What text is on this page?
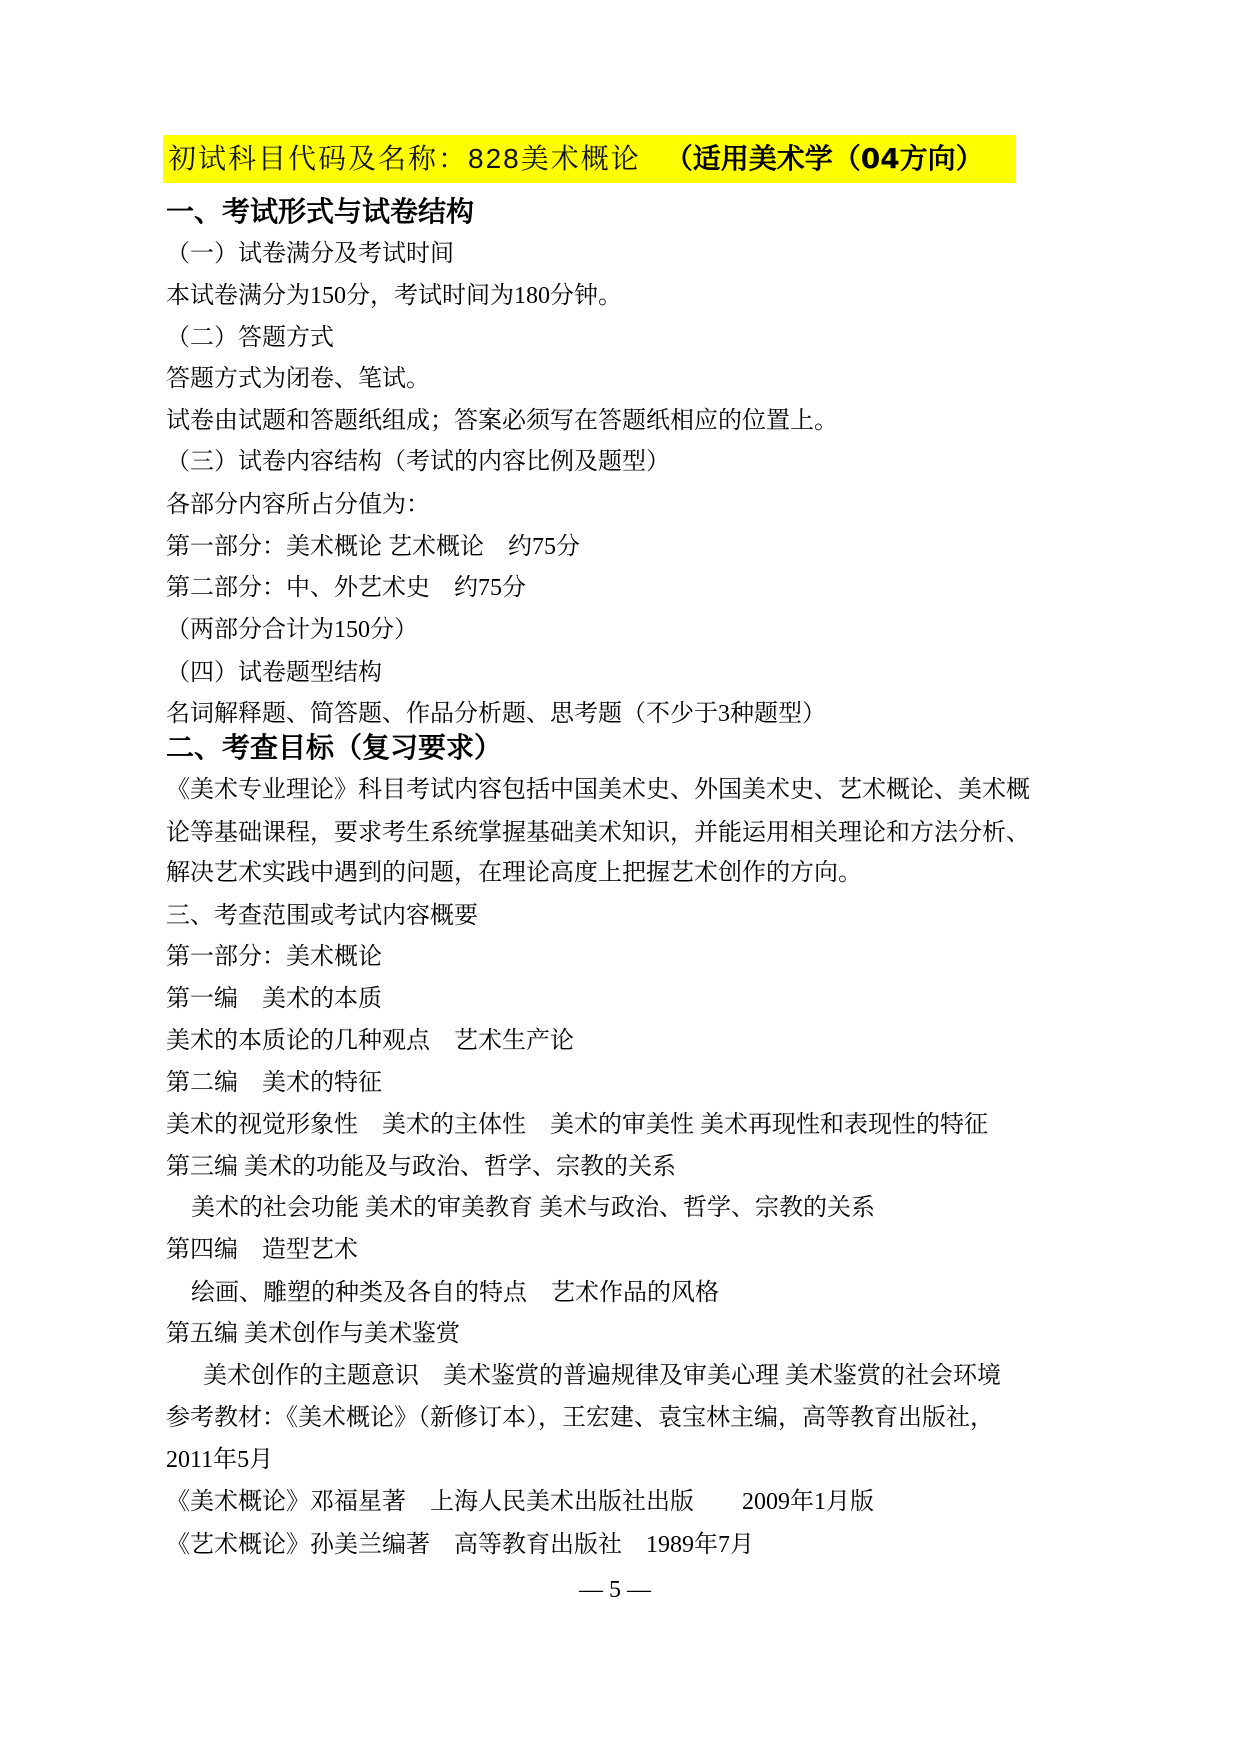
初试科目代码及名称：828美术概论 （适用美术学（04方向）
一、考试形式与试卷结构
（一）试卷满分及考试时间
本试卷满分为150分，考试时间为180分钟。
（二）答题方式
答题方式为闭卷、笔试。
试卷由试题和答题纸组成；答案必须写在答题纸相应的位置上。
（三）试卷内容结构（考试的内容比例及题型）
各部分内容所占分值为：
第一部分：美术概论 艺术概论　约75分
第二部分：中、外艺术史　约75分
（两部分合计为150分）
（四）试卷题型结构
名词解释题、简答题、作品分析题、思考题（不少于3种题型）
二、考查目标（复习要求）
《美术专业理论》科目考试内容包括中国美术史、外国美术史、艺术概论、美术概
论等基础课程，要求考生系统掌握基础美术知识，并能运用相关理论和方法分析、
解决艺术实践中遇到的问题，在理论高度上把握艺术创作的方向。
三、考查范围或考试内容概要
第一部分：美术概论
第一编　美术的本质
美术的本质论的几种观点　艺术生产论
第二编　美术的特征
美术的视觉形象性　美术的主体性　美术的审美性 美术再现性和表现性的特征
第三编 美术的功能及与政治、哲学、宗教的关系
美术的社会功能 美术的审美教育 美术与政治、哲学、宗教的关系
第四编　造型艺术
绘画、雕塑的种类及各自的特点　艺术作品的风格
第五编 美术创作与美术鉴赏
美术创作的主题意识　美术鉴赏的普遍规律及审美心理 美术鉴赏的社会环境
参考教材：《美术概论》（新修订本），王宏建、袁宝林主编，高等教育出版社，
2011年5月
《美术概论》邓福星著　上海人民美术出版社出版　　2009年1月版
《艺术概论》孙美兰编著　高等教育出版社　1989年7月
— 5 —
